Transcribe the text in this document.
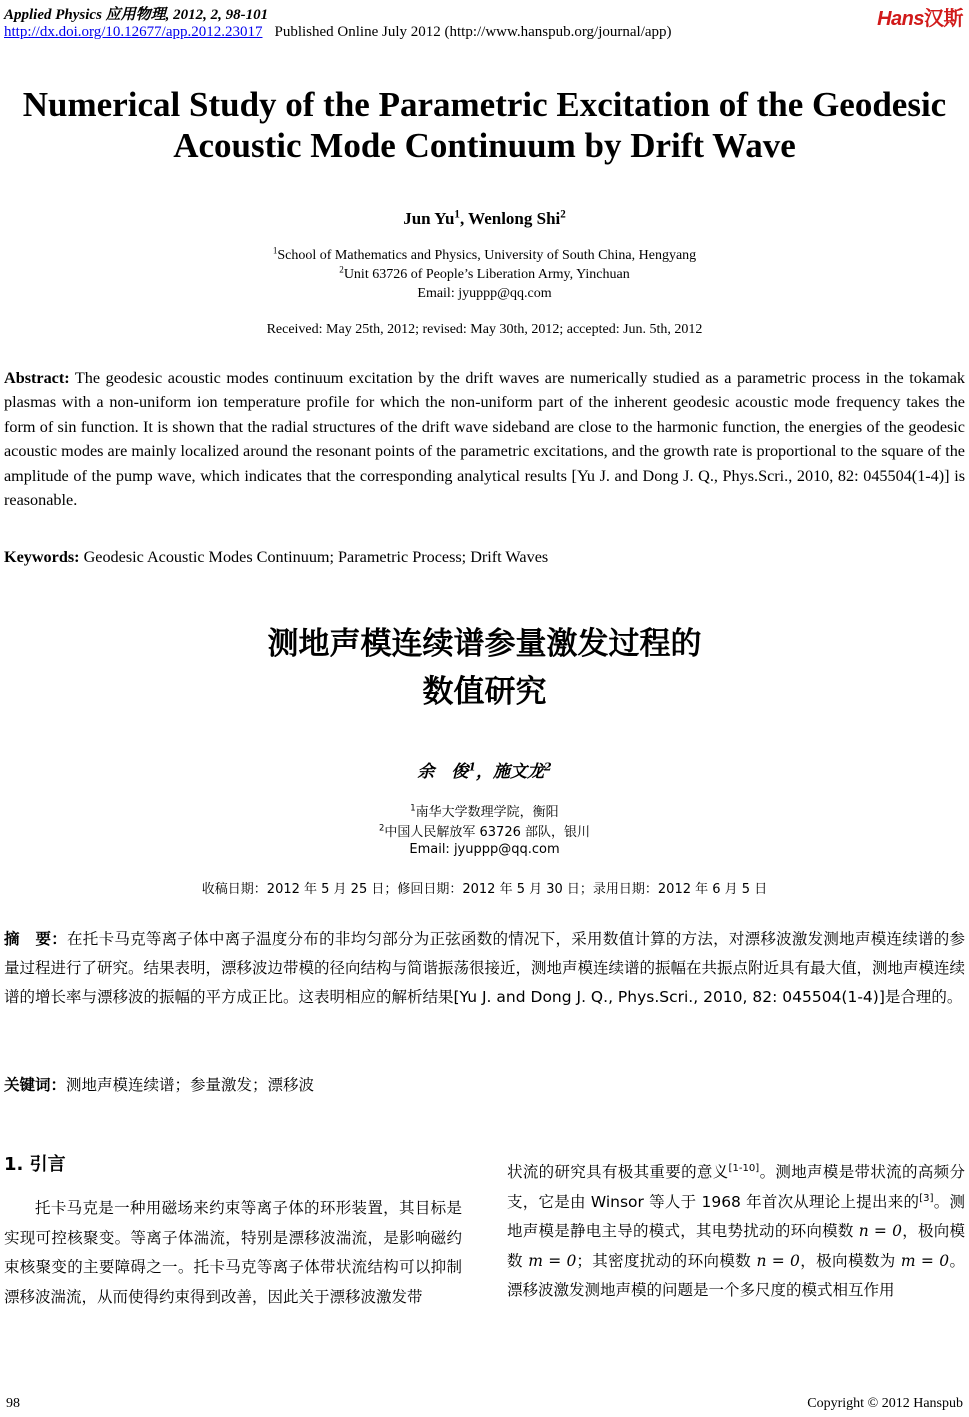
Applied Physics 应用物理, 2012, 2, 98-101	Hans汉斯
http://dx.doi.org/10.12677/app.2012.23017 Published Online July 2012 (http://www.hanspub.org/journal/app)
Numerical Study of the Parametric Excitation of the Geodesic
Acoustic Mode Continuum by Drift Wave
Jun Yu$^1$, Wenlong Shi$^2$
$^1$School of Mathematics and Physics, University of South China, Hengyang
$^2$Unit 63726 of People’s Liberation Army, Yinchuan
Email: jyuppp@qq.com
Received: May 25th, 2012; revised: May 30th, 2012; accepted: Jun. 5th, 2012
Abstract: The geodesic acoustic modes continuum excitation by the drift waves are numerically studied as a parametric process in the tokamak plasmas with a non-uniform ion temperature profile for which the non-uniform part of the inherent geodesic acoustic mode frequency takes the form of sin function. It is shown that the radial structures of the drift wave sideband are close to the harmonic function, the energies of the geodesic acoustic modes are mainly localized around the resonant points of the parametric excitations, and the growth rate is proportional to the square of the amplitude of the pump wave, which indicates that the corresponding analytical results [Yu J. and Dong J. Q., Phys.Scri., 2010, 82: 045504(1-4)] is reasonable.
Keywords: Geodesic Acoustic Modes Continuum; Parametric Process; Drift Waves
测地声模连续谱参量激发过程的
数值研究
余　俊$^1$，施文龙$^2$
$^1$南华大学数理学院，衡阳
$^2$中国人民解放军 63726 部队，银川
Email: jyuppp@qq.com
收稿日期：2012 年 5 月 25 日；修回日期：2012 年 5 月 30 日；录用日期：2012 年 6 月 5 日
摘　要：在托卡马克等离子体中离子温度分布的非均匀部分为正弦函数的情况下，采用数值计算的方法，对漂移波激发测地声模连续谱的参量过程进行了研究。结果表明，漂移波边带模的径向结构与简谐振荡很接近，测地声模连续谱的振幅在共振点附近具有最大值，测地声模连续谱的增长率与漂移波的振幅的平方成正比。这表明相应的解析结果[Yu J. and Dong J. Q., Phys.Scri., 2010, 82: 045504(1-4)]是合理的。
关键词：测地声模连续谱；参量激发；漂移波
1. 引言
托卡马克是一种用磁场来约束等离子体的环形装置，其目标是实现可控核聚变。等离子体湍流，特别是漂移波湍流，是影响磁约束核聚变的主要障碍之一。托卡马克等离子体带状流结构可以抑制漂移波湍流，从而使得约束得到改善，因此关于漂移波激发带
状流的研究具有极其重要的意义[1-10]。测地声模是带状流的高频分支，它是由 Winsor 等人于 1968 年首次从理论上提出来的[3]。测地声模是静电主导的模式，其电势扰动的环向模数 n = 0，极向模数 m = 0；其密度扰动的环向模数 n = 0，极向模数为 m = 0。漂移波激发测地声模的问题是一个多尺度的模式相互作用
98	Copyright © 2012 Hanspub
